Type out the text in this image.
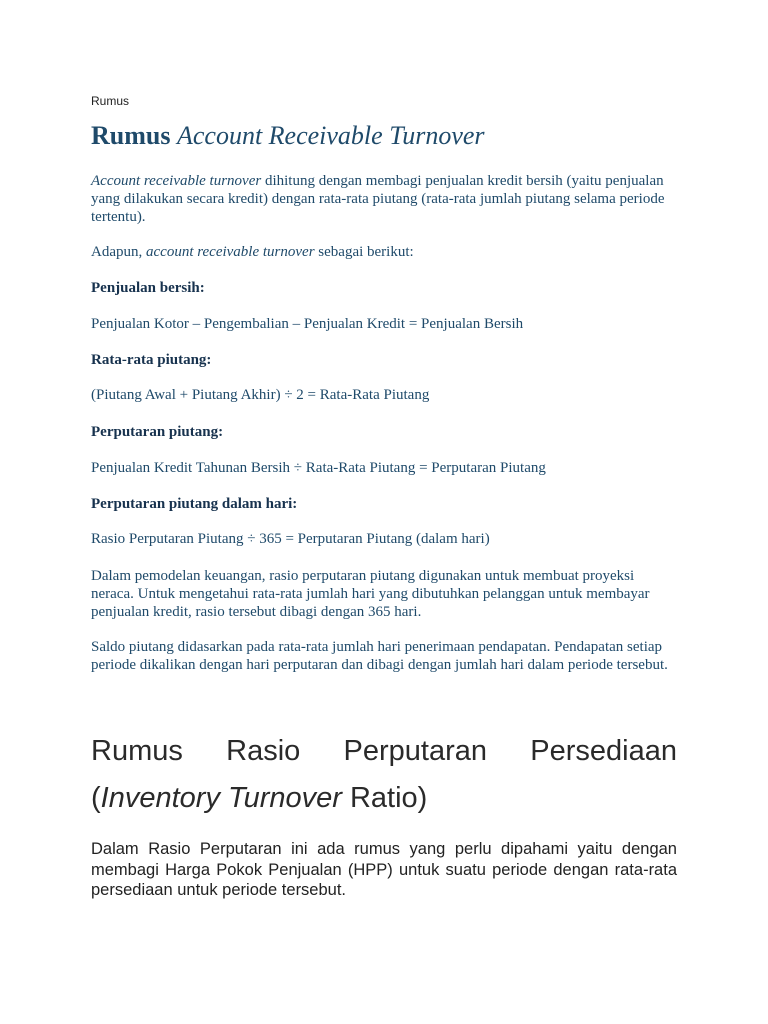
Rumus
Rumus Account Receivable Turnover

Account receivable turnover dihitung dengan membagi penjualan kredit bersih (yaitu penjualan yang dilakukan secara kredit) dengan rata-rata piutang (rata-rata jumlah piutang selama periode tertentu).

Adapun, account receivable turnover sebagai berikut:

Penjualan bersih:

Penjualan Kotor – Pengembalian – Penjualan Kredit = Penjualan Bersih

Rata-rata piutang:

(Piutang Awal + Piutang Akhir) ÷ 2 = Rata-Rata Piutang

Perputaran piutang:

Penjualan Kredit Tahunan Bersih ÷ Rata-Rata Piutang = Perputaran Piutang

Perputaran piutang dalam hari:

Rasio Perputaran Piutang ÷ 365 = Perputaran Piutang (dalam hari)

Dalam pemodelan keuangan, rasio perputaran piutang digunakan untuk membuat proyeksi neraca. Untuk mengetahui rata-rata jumlah hari yang dibutuhkan pelanggan untuk membayar penjualan kredit, rasio tersebut dibagi dengan 365 hari.

Saldo piutang didasarkan pada rata-rata jumlah hari penerimaan pendapatan. Pendapatan setiap periode dikalikan dengan hari perputaran dan dibagi dengan jumlah hari dalam periode tersebut.

Rumus Rasio Perputaran Persediaan (Inventory Turnover Ratio)

Dalam Rasio Perputaran ini ada rumus yang perlu dipahami yaitu dengan membagi Harga Pokok Penjualan (HPP) untuk suatu periode dengan rata-rata persediaan untuk periode tersebut.
